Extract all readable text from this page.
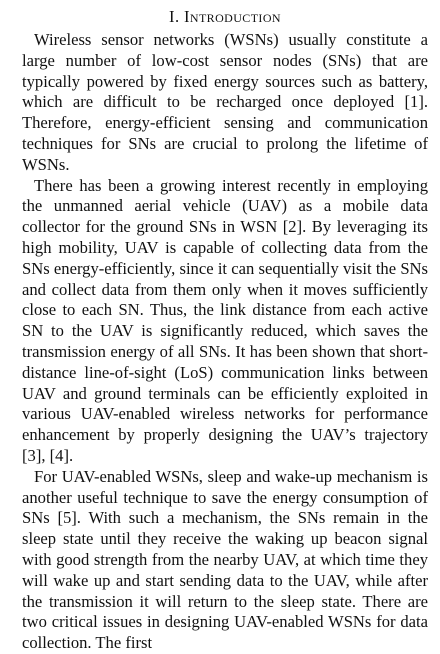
I. Introduction

Wireless sensor networks (WSNs) usually constitute a large number of low-cost sensor nodes (SNs) that are typically powered by fixed energy sources such as battery, which are difficult to be recharged once deployed [1]. Therefore, energy-efficient sensing and communication techniques for SNs are crucial to prolong the lifetime of WSNs.

There has been a growing interest recently in employing the unmanned aerial vehicle (UAV) as a mobile data collector for the ground SNs in WSN [2]. By leveraging its high mobility, UAV is capable of collecting data from the SNs energy-efficiently, since it can sequentially visit the SNs and collect data from them only when it moves sufficiently close to each SN. Thus, the link distance from each active SN to the UAV is significantly reduced, which saves the transmission energy of all SNs. It has been shown that short-distance line-of-sight (LoS) communication links between UAV and ground terminals can be efficiently exploited in various UAV-enabled wireless networks for performance enhancement by properly designing the UAV’s trajectory [3], [4].

For UAV-enabled WSNs, sleep and wake-up mechanism is another useful technique to save the energy consumption of SNs [5]. With such a mechanism, the SNs remain in the sleep state until they receive the waking up beacon signal with good strength from the nearby UAV, at which time they will wake up and start sending data to the UAV, while after the transmission it will return to the sleep state. There are two critical issues in designing UAV-enabled WSNs for data collection. The first
